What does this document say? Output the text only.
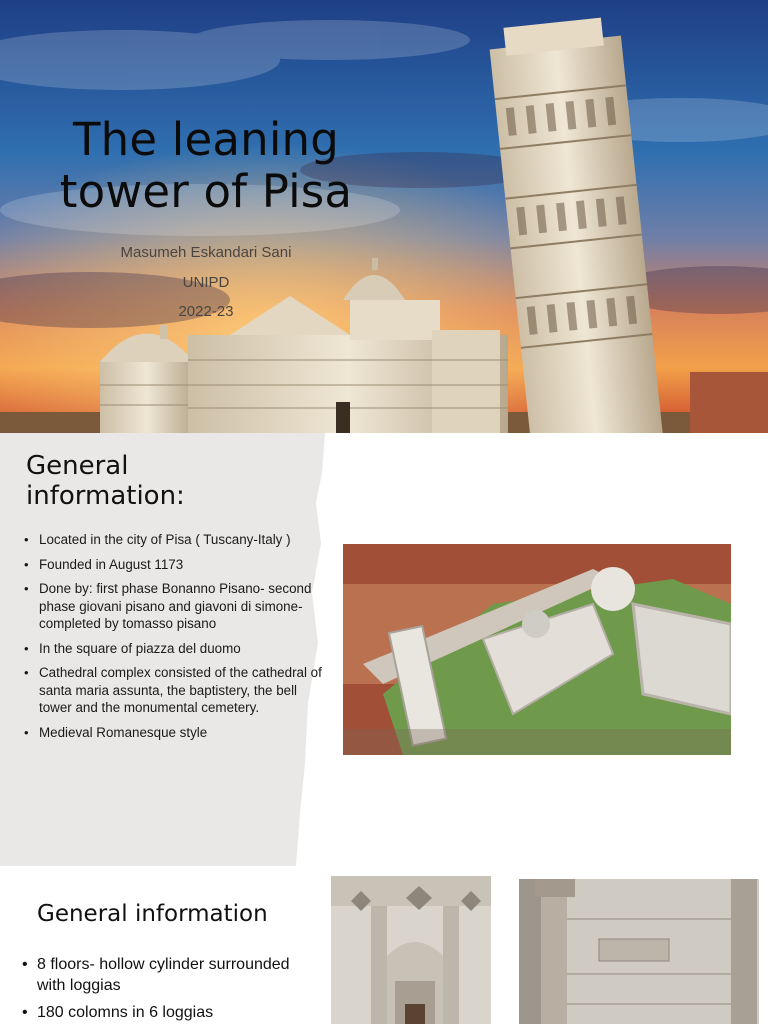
The leaning
tower of Pisa
Masumeh Eskandari Sani
UNIPD
2022-23
General
information:
• Located in the city of Pisa ( Tuscany-Italy )
• Founded in August 1173
• Done by: first phase Bonanno Pisano- second phase giovani pisano and giavoni di simone- completed by tomasso pisano
• In the square of piazza del duomo
• Cathedral complex consisted of the cathedral of santa maria assunta, the baptistery, the bell tower and the monumental cemetery.
• Medieval Romanesque style
General information
• 8 floors- hollow cylinder surrounded with loggias
• 180 colomns in 6 loggias
